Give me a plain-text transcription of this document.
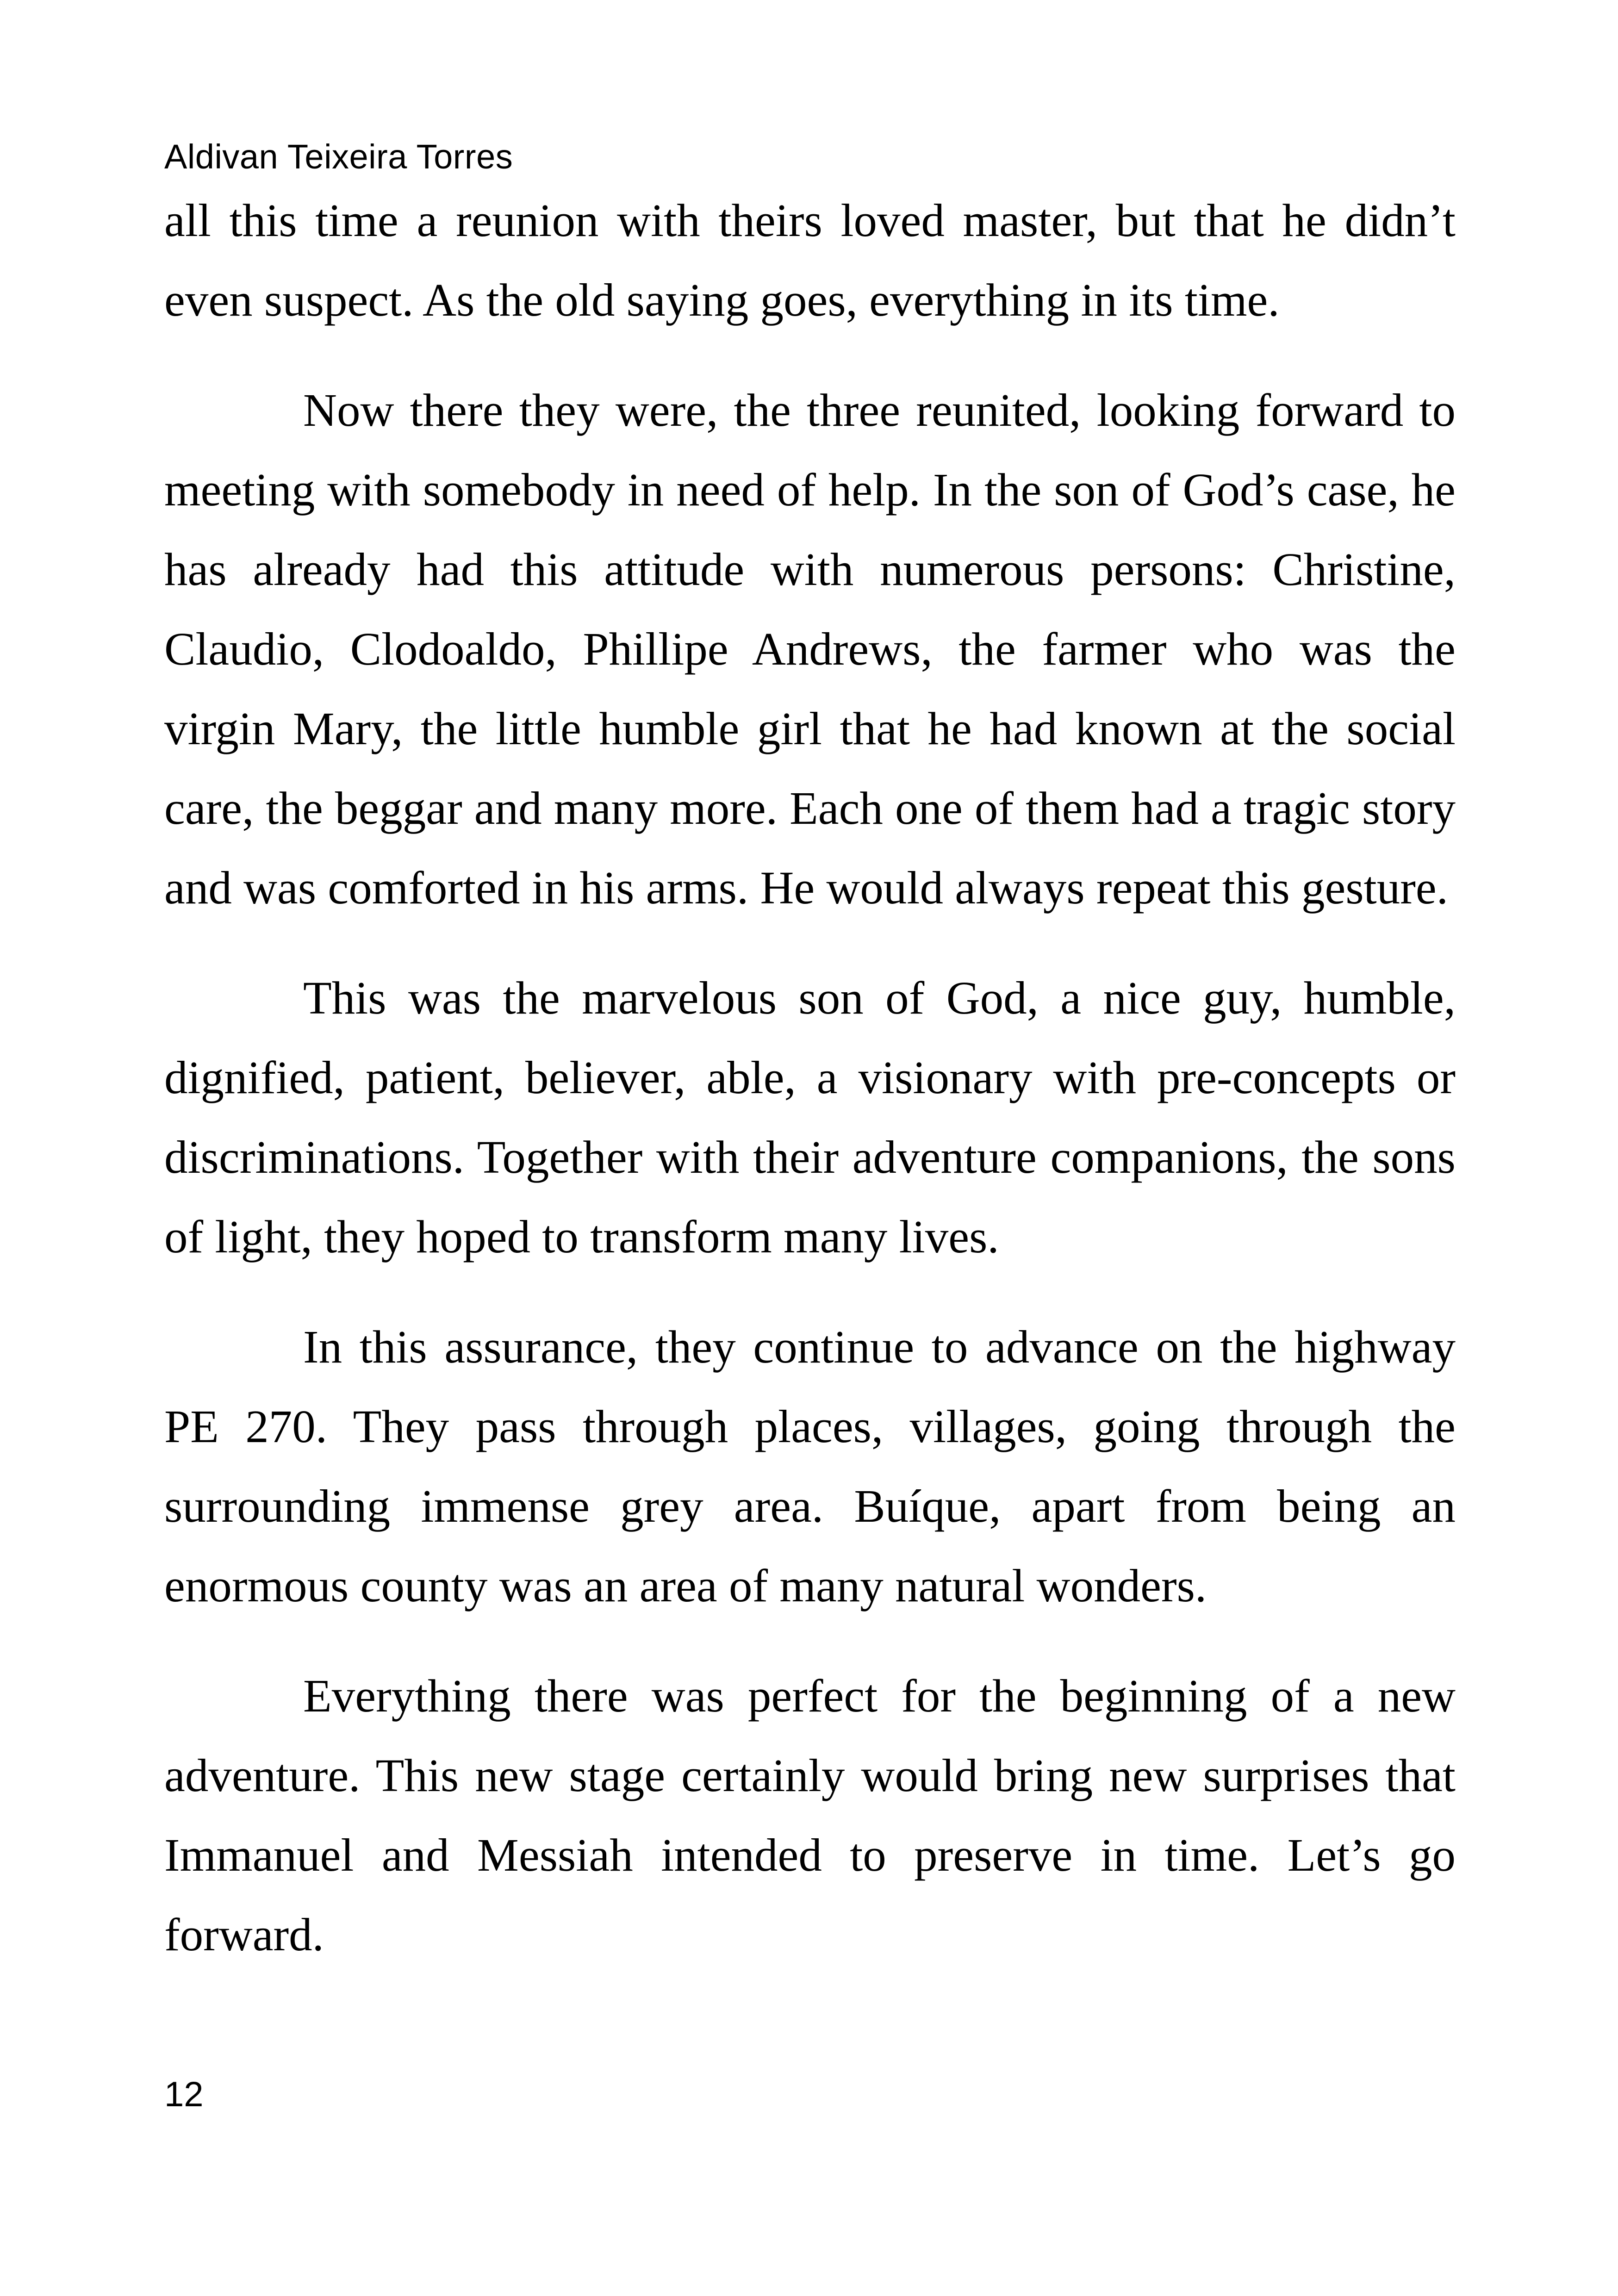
Aldivan Teixeira Torres

all this time a reunion with theirs loved master, but that he didn’t even suspect. As the old saying goes, everything in its time.

Now there they were, the three reunited, looking forward to meeting with somebody in need of help. In the son of God’s case, he has already had this attitude with numerous persons: Christine, Claudio, Clodoaldo, Phillipe Andrews, the farmer who was the virgin Mary, the little humble girl that he had known at the social care, the beggar and many more. Each one of them had a tragic story and was comforted in his arms. He would always repeat this gesture.

This was the marvelous son of God, a nice guy, humble, dignified, patient, believer, able, a visionary with pre-concepts or discriminations. Together with their adventure companions, the sons of light, they hoped to transform many lives.

In this assurance, they continue to advance on the highway PE 270. They pass through places, villages, going through the surrounding immense grey area. Buíque, apart from being an enormous county was an area of many natural wonders.

Everything there was perfect for the beginning of a new adventure. This new stage certainly would bring new surprises that Immanuel and Messiah intended to preserve in time. Let’s go forward.

12
